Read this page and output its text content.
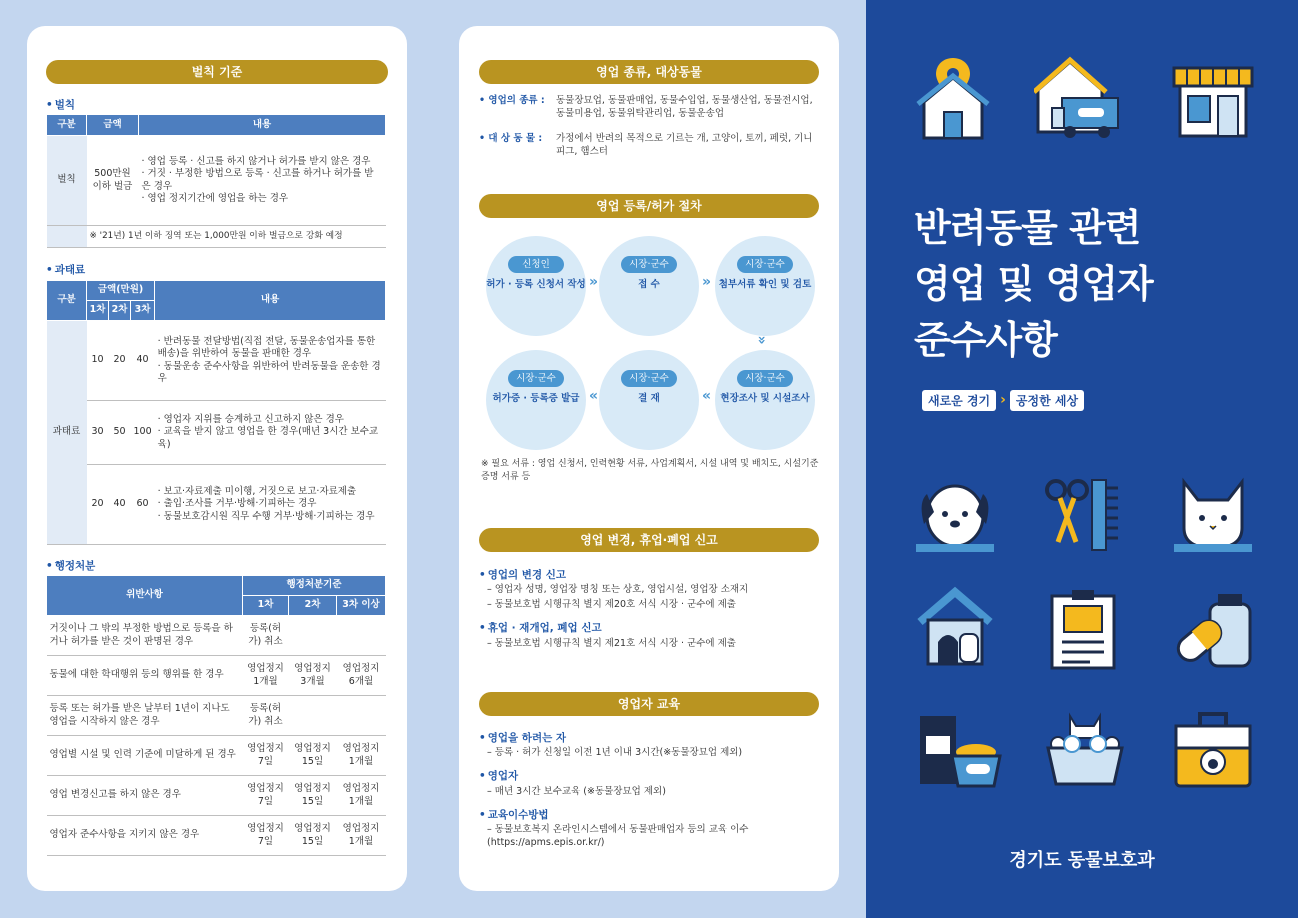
벌칙 기준
• 벌칙
구분	금액	내용
벌칙	500만원 이하 벌금	· 영업 등록 · 신고를 하지 않거나 허가를 받지 않은 경우
· 거짓 · 부정한 방법으로 등록 · 신고를 하거나 허가를 받은 경우
· 영업 정지기간에 영업을 하는 경우

	※ '21년) 1년 이하 징역 또는 1,000만원 이하 벌금으로 강화 예정	
• 과태료
구분	금액(만원)			내용
	1차	2차	3차	
과태료	10	20	40	· 반려동물 전달방법(직접 전달, 동물운송업자를 통한 배송)을 위반하여 동물을 판매한 경우
· 동물운송 준수사항을 위반하여 반려동물을 운송한 경우

	30	50	100	· 영업자 지위를 승계하고 신고하지 않은 경우
· 교육을 받지 않고 영업을 한 경우(매년 3시간 보수교육)

	20	40	60	· 보고·자료제출 미이행, 거짓으로 보고·자료제출
· 출입·조사를 거부·방해·기피하는 경우
· 동물보호감시원 직무 수행 거부·방해·기피하는 경우
• 행정처분
위반사항	행정처분기준		
	1차	2차	3차 이상
거짓이나 그 밖의 부정한 방법으로 등록을 하거나 허가를 받은 것이 판명된 경우	등록(허가) 취소		
동물에 대한 학대행위 등의 행위를 한 경우	영업정지 1개월	영업정지 3개월	영업정지 6개월
등록 또는 허가를 받은 날부터 1년이 지나도 영업을 시작하지 않은 경우	등록(허가) 취소		
영업별 시설 및 인력 기준에 미달하게 된 경우	영업정지 7일	영업정지 15일	영업정지 1개월
영업 변경신고를 하지 않은 경우	영업정지 7일	영업정지 15일	영업정지 1개월
영업자 준수사항을 지키지 않은 경우	영업정지 7일	영업정지 15일	영업정지 1개월
영업 종류, 대상동물
• 영업의 종류 :	동물장묘업, 동물판매업, 동물수입업, 동물생산업, 동물전시업, 동물미용업, 동물위탁관리업, 동물운송업
• 대 상 동 물 :	가정에서 반려의 목적으로 기르는 개, 고양이, 토끼, 페럿, 기니피그, 햄스터
영업 등록/허가 절차
신청인
허가 · 등록 신청서 작성 »
시장·군수
접 수	»
시장·군수
첨부서류 확인 및 검토
»
시장·군수
현장조사 및 시설조사
«
시장·군수
결 재
«
시장·군수
허가증 · 등록증 발급
※ 필요 서류 : 영업 신청서, 인력현황 서류, 사업계획서, 시설 내역 및 배치도, 시설기준 증명 서류 등
영업 변경, 휴업·폐업 신고
• 영업의 변경 신고
– 영업자 성명, 영업장 명칭 또는 상호, 영업시설, 영업장 소재지
– 동물보호법 시행규칙 별지 제20호 서식 시장 · 군수에 제출
• 휴업 · 재개업, 폐업 신고
– 동물보호법 시행규칙 별지 제21호 서식 시장 · 군수에 제출
영업자 교육
• 영업을 하려는 자
– 등록 · 허가 신청일 이전 1년 이내 3시간(※동물장묘업 제외)
• 영업자
– 매년 3시간 보수교육 (※동물장묘업 제외)
• 교육이수방법
– 동물보호복지 온라인시스템에서 동물판매업자 등의 교육 이수 (https://apms.epis.or.kr/)
반려동물 관련
영업 및 영업자
준수사항
새로운 경기 › 공정한 세상
경기도 동물보호과
